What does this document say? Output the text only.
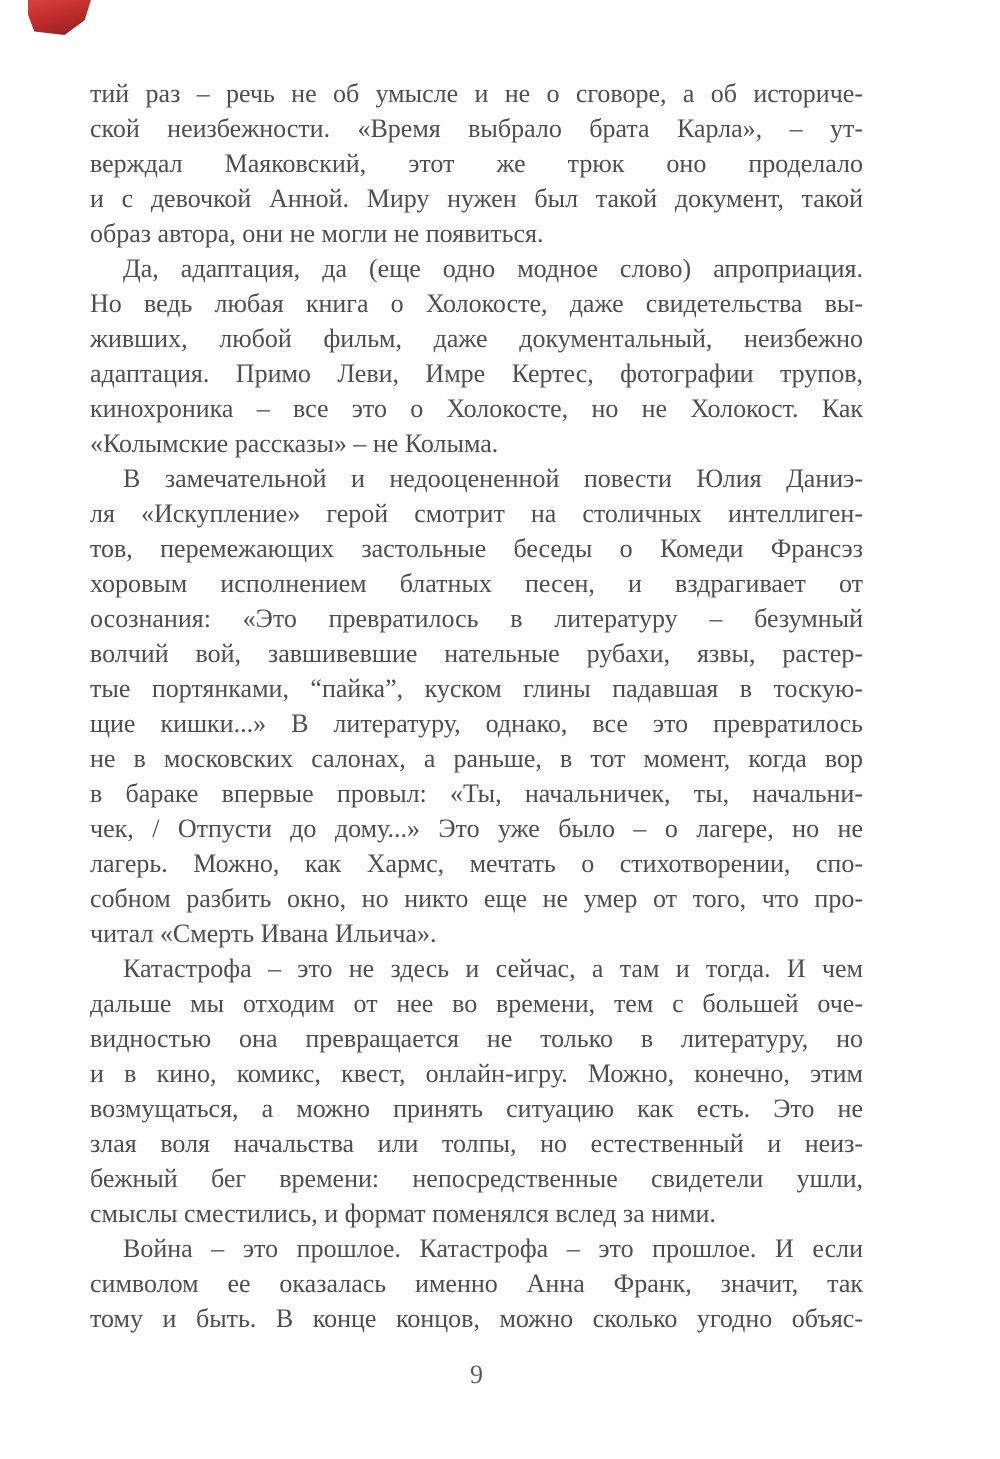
тий раз – речь не об умысле и не о сговоре, а об историче-
ской неизбежности. «Время выбрало брата Карла», – ут-
верждал Маяковский, этот же трюк оно проделало
и с девочкой Анной. Миру нужен был такой документ, такой
образ автора, они не могли не появиться.
Да, адаптация, да (еще одно модное слово) апроприация.
Но ведь любая книга о Холокосте, даже свидетельства вы-
живших, любой фильм, даже документальный, неизбежно
адаптация. Примо Леви, Имре Кертес, фотографии трупов,
кинохроника – все это о Холокосте, но не Холокост. Как
«Колымские рассказы» – не Колыма.
В замечательной и недооцененной повести Юлия Даниэ-
ля «Искупление» герой смотрит на столичных интеллиген-
тов, перемежающих застольные беседы о Комеди Франсэз
хоровым исполнением блатных песен, и вздрагивает от
осознания: «Это превратилось в литературу – безумный
волчий вой, завшивевшие нательные рубахи, язвы, растер-
тые портянками, “пайка”, куском глины падавшая в тоскую-
щие кишки...» В литературу, однако, все это превратилось
не в московских салонах, а раньше, в тот момент, когда вор
в бараке впервые провыл: «Ты, начальничек, ты, начальни-
чек, / Отпусти до дому...» Это уже было – о лагере, но не
лагерь. Можно, как Хармс, мечтать о стихотворении, спо-
собном разбить окно, но никто еще не умер от того, что про-
читал «Смерть Ивана Ильича».
Катастрофа – это не здесь и сейчас, а там и тогда. И чем
дальше мы отходим от нее во времени, тем с большей оче-
видностью она превращается не только в литературу, но
и в кино, комикс, квест, онлайн-игру. Можно, конечно, этим
возмущаться, а можно принять ситуацию как есть. Это не
злая воля начальства или толпы, но естественный и неиз-
бежный бег времени: непосредственные свидетели ушли,
смыслы сместились, и формат поменялся вслед за ними.
Война – это прошлое. Катастрофа – это прошлое. И если
символом ее оказалась именно Анна Франк, значит, так
тому и быть. В конце концов, можно сколько угодно объяс-
9
